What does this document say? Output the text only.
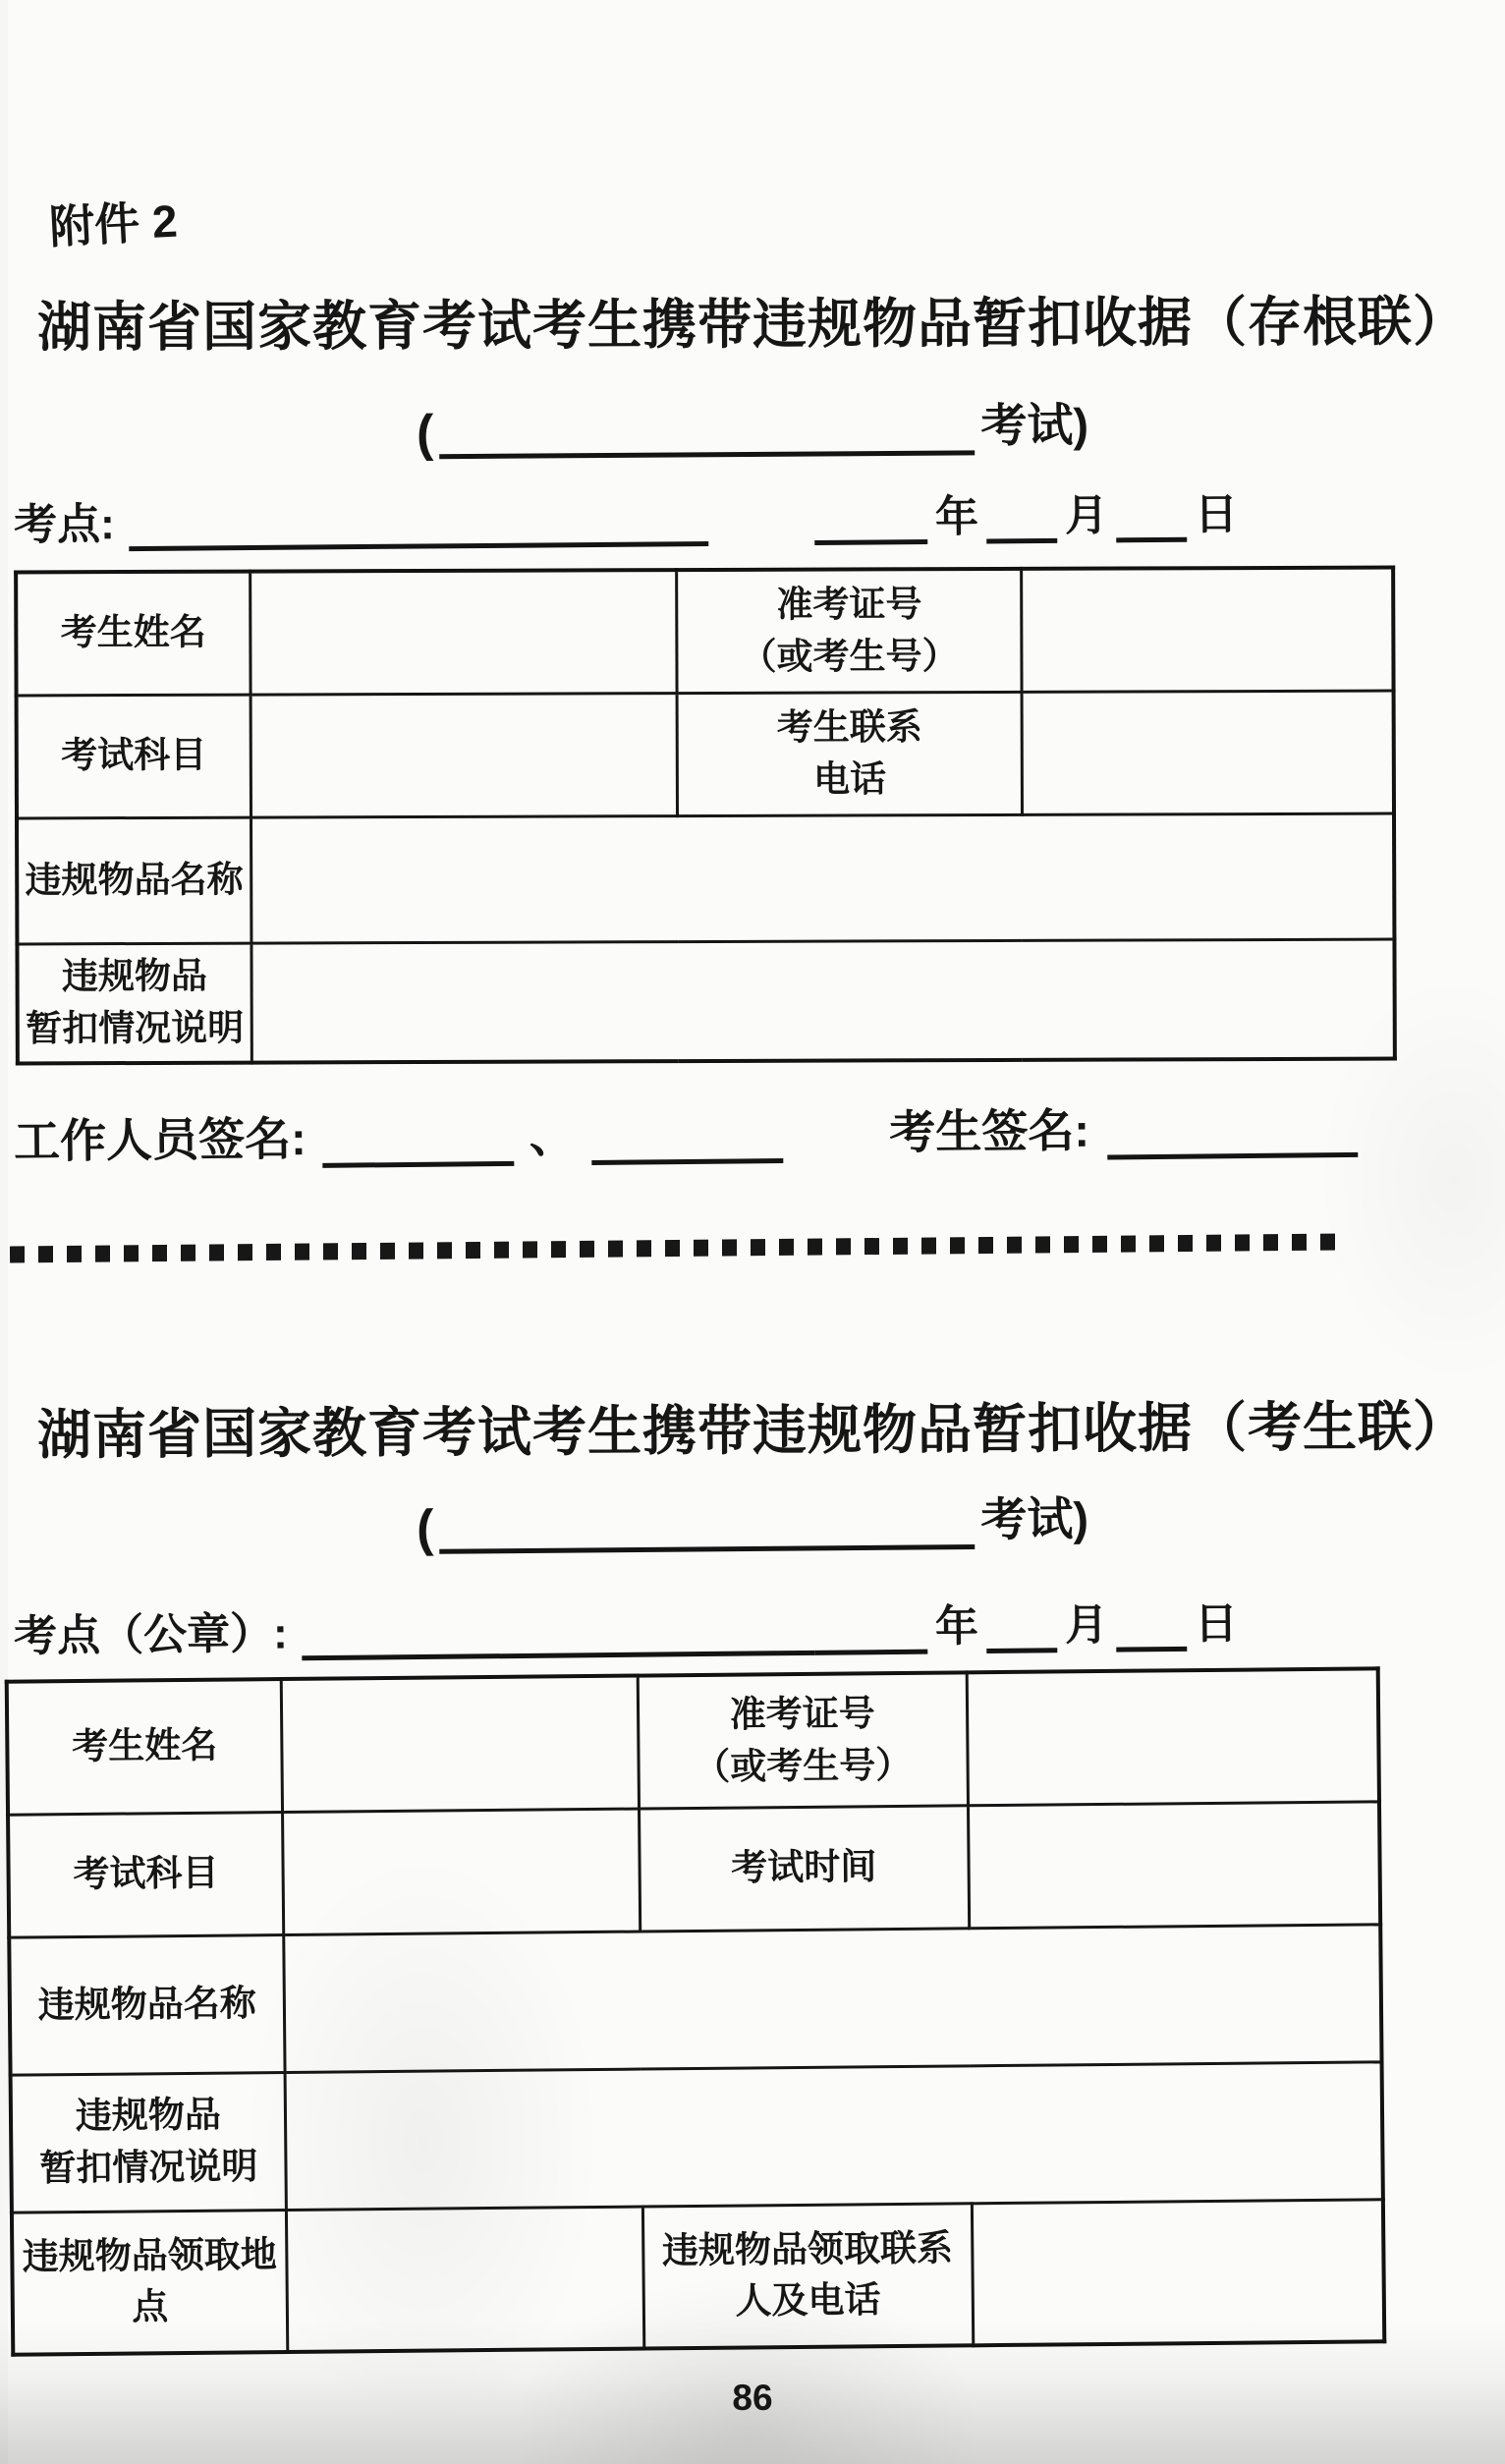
附件 2
湖南省国家教育考试考生携带违规物品暂扣收据（存根联）
(	考试)
考点:	年 月 日
考生姓名		准考证号
（或考生号）	

考试科目		考生联系
电话	

违规物品名称			

违规物品
暂扣情况说明			

工作人员签名:	、	考生签名:
湖南省国家教育考试考生携带违规物品暂扣收据（考生联）
(	考试)
考点（公章）:	年 月 日
考生姓名		准考证号
（或考生号）	

考试科目		考试时间	
违规物品名称			

违规物品
暂扣情况说明			

违规物品领取地点		违规物品领取联系
人及电话	

86
